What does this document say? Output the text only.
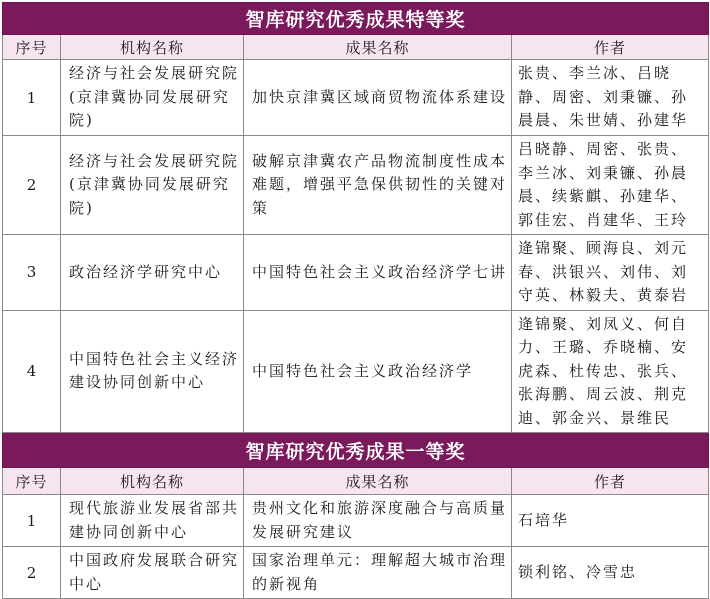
智库研究优秀成果特等奖			
序号	机构名称	成果名称	作者
1	经济与社会发展研究院(京津冀协同发展研究院)	加快京津冀区域商贸物流体系建设	张贵、李兰冰、吕晓静、周密、刘秉镰、孙晨晨、朱世婧、孙建华
2	经济与社会发展研究院(京津冀协同发展研究院)	破解京津冀农产品物流制度性成本难题，增强平急保供韧性的关键对策	吕晓静、周密、张贵、李兰冰、刘秉镰、孙晨晨、续紫麒、孙建华、郭佳宏、肖建华、王玲
3	政治经济学研究中心	中国特色社会主义政治经济学七讲	逄锦聚、顾海良、刘元春、洪银兴、刘伟、刘守英、林毅夫、黄泰岩
4	中国特色社会主义经济建设协同创新中心	中国特色社会主义政治经济学	逄锦聚、刘凤义、何自力、王璐、乔晓楠、安虎森、杜传忠、张兵、张海鹏、周云波、荆克迪、郭金兴、景维民
智库研究优秀成果一等奖			
序号	机构名称	成果名称	作者
1	现代旅游业发展省部共建协同创新中心	贵州文化和旅游深度融合与高质量发展研究建议	石培华
2	中国政府发展联合研究中心	国家治理单元：理解超大城市治理的新视角	锁利铭、冷雪忠
